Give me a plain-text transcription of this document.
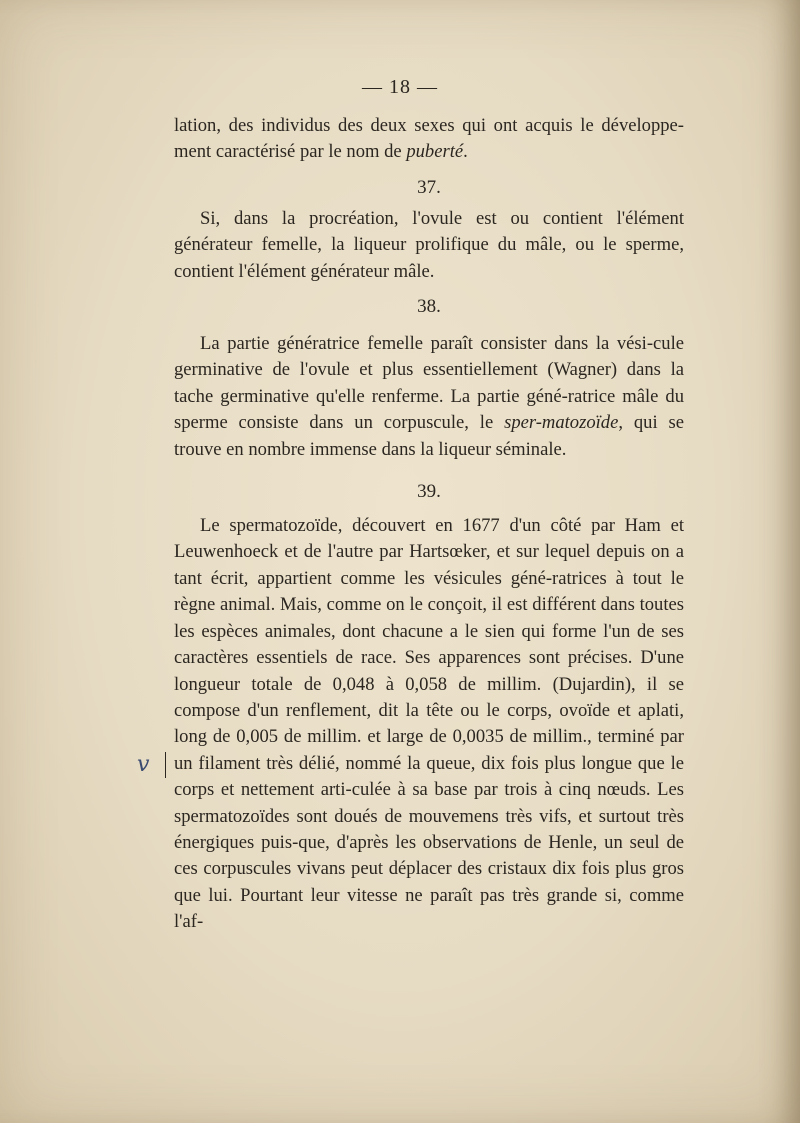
— 18 —
v

lation, des individus des deux sexes qui ont acquis le développe-ment caractérisé par le nom de puberté.

37.

Si, dans la procréation, l'ovule est ou contient l'élément générateur femelle, la liqueur prolifique du mâle, ou le sperme, contient l'élément générateur mâle.

38.

La partie génératrice femelle paraît consister dans la vési-cule germinative de l'ovule et plus essentiellement (Wagner) dans la tache germinative qu'elle renferme. La partie géné-ratrice mâle du sperme consiste dans un corpuscule, le sper-matozoïde, qui se trouve en nombre immense dans la liqueur séminale.

39.

Le spermatozoïde, découvert en 1677 d'un côté par Ham et Leuwenhoeck et de l'autre par Hartsœker, et sur lequel depuis on a tant écrit, appartient comme les vésicules géné-ratrices à tout le règne animal. Mais, comme on le conçoit, il est différent dans toutes les espèces animales, dont chacune a le sien qui forme l'un de ses caractères essentiels de race. Ses apparences sont précises. D'une longueur totale de 0,048 à 0,058 de millim. (Dujardin), il se compose d'un renflement, dit la tête ou le corps, ovoïde et aplati, long de 0,005 de millim. et large de 0,0035 de millim., terminé par un filament très délié, nommé la queue, dix fois plus longue que le corps et nettement arti-culée à sa base par trois à cinq nœuds. Les spermatozoïdes sont doués de mouvemens très vifs, et surtout très énergiques puis-que, d'après les observations de Henle, un seul de ces corpuscules vivans peut déplacer des cristaux dix fois plus gros que lui. Pourtant leur vitesse ne paraît pas très grande si, comme l'af-
